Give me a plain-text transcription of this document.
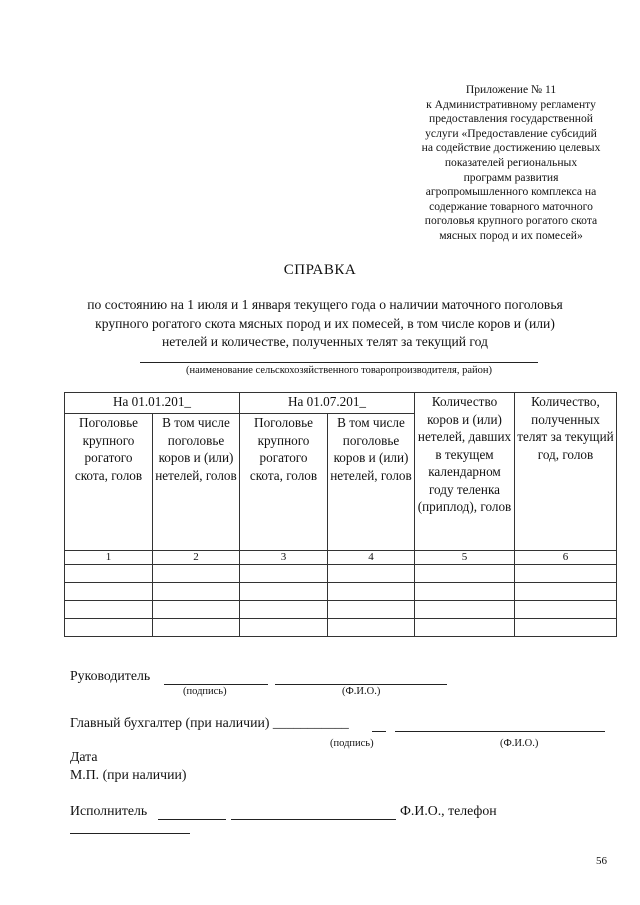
Приложение № 11
к Административному регламенту
предоставления государственной
услуги «Предоставление субсидий
на содействие достижению целевых
показателей региональных
программ развития
агропромышленного комплекса на
содержание товарного маточного
поголовья крупного рогатого скота
мясных пород и их помесей»
СПРАВКА
по состоянию на 1 июля и 1 января текущего года о наличии маточного поголовья
крупного рогатого скота мясных пород и их помесей, в том числе коров и (или)
нетелей и количестве, полученных телят за текущий год
(наименование сельскохозяйственного товаропроизводителя, район)
На 01.01.201_		На 01.07.201_		Количество коров и (или) нетелей, давших в текущем календарном году теленка (приплод), голов	Количество, полученных телят за текущий год, голов
Поголовье крупного рогатого скота, голов	В том числе поголовье коров и (или) нетелей, голов	Поголовье крупного рогатого скота, голов	В том числе поголовье коров и (или) нетелей, голов		
1	2	3	4	5	6

Руководитель
(подпись)	(Ф.И.О.)
Главный бухгалтер (при наличии) ___________
(подпись)	(Ф.И.О.)
Дата
М.П. (при наличии)
Исполнитель	Ф.И.О., телефон
56
